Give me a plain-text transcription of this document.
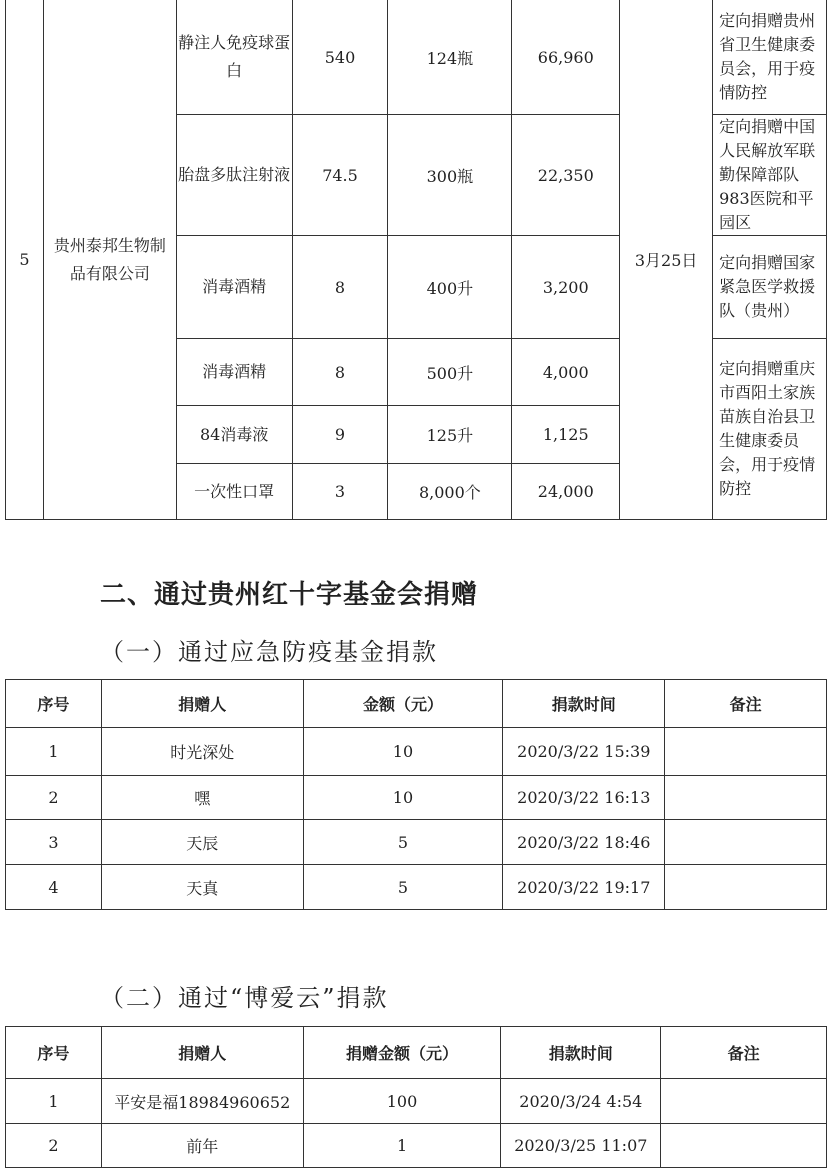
5	贵州泰邦生物制品有限公司	静注人免疫球蛋白	540	124瓶	66,960	3月25日	定向捐赠贵州省卫生健康委员会，用于疫情防控
		胎盘多肽注射液	74.5	300瓶	22,350		定向捐赠中国人民解放军联勤保障部队983医院和平园区
		消毒酒精	8	400升	3,200		定向捐赠国家紧急医学救援队（贵州）
		消毒酒精	8	500升	4,000		定向捐赠重庆市酉阳土家族苗族自治县卫生健康委员会，用于疫情防控
		84消毒液	9	125升	1,125		
		一次性口罩	3	8,000个	24,000		
二、通过贵州红十字基金会捐赠
（一）通过应急防疫基金捐款
序号	捐赠人	金额（元）	捐款时间	备注
1	时光深处	10	2020/3/22 15:39	
2	嘿	10	2020/3/22 16:13	
3	天辰	5	2020/3/22 18:46	
4	天真	5	2020/3/22 19:17	
（二）通过“博爱云”捐款
序号	捐赠人	捐赠金额（元）	捐款时间	备注
1	平安是福18984960652	100	2020/3/24 4:54	
2	前年	1	2020/3/25 11:07	
